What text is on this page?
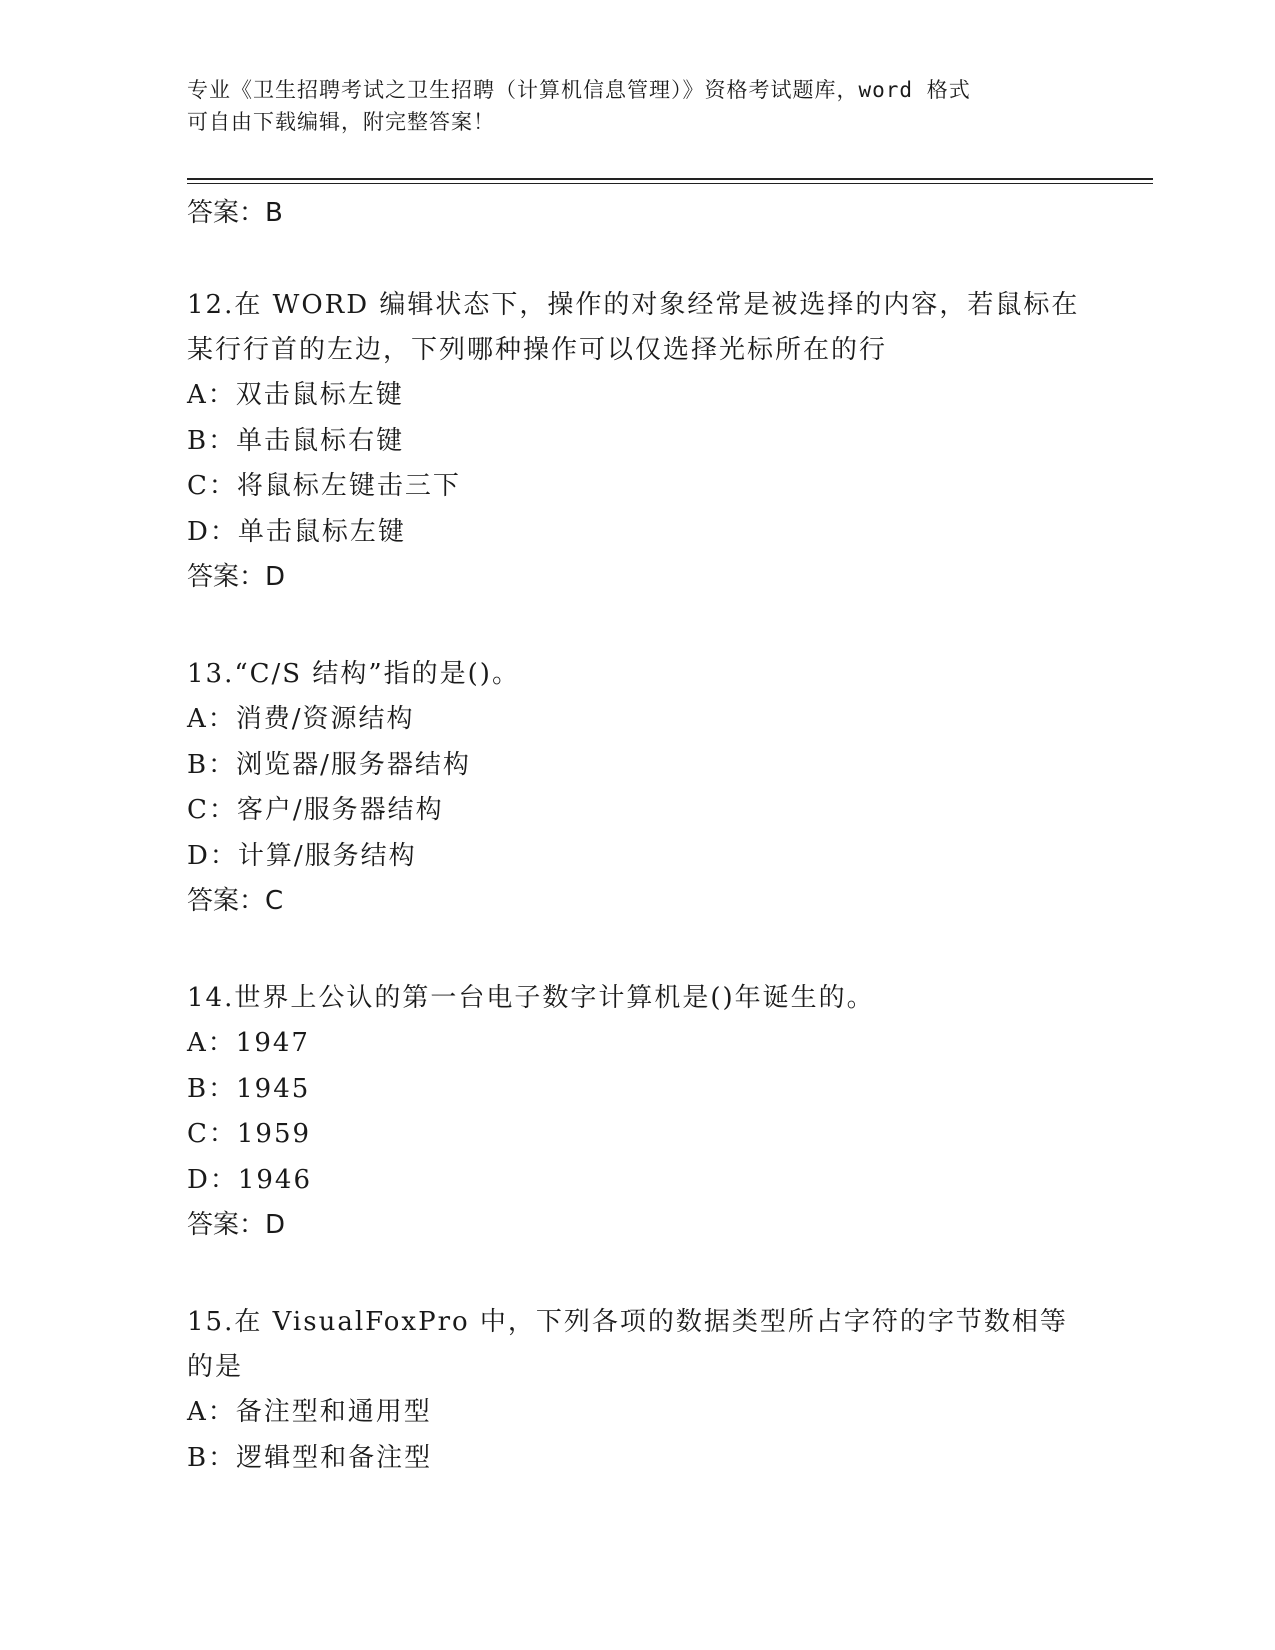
专业《卫生招聘考试之卫生招聘（计算机信息管理）》资格考试题库，word 格式
可自由下载编辑，附完整答案！
答案：B

12.在 WORD 编辑状态下，操作的对象经常是被选择的内容，若鼠标在某行行首的左边，下列哪种操作可以仅选择光标所在的行

A：双击鼠标左键

B：单击鼠标右键

C：将鼠标左键击三下

D：单击鼠标左键

答案：D

13.“C/S 结构”指的是()。

A：消费/资源结构

B：浏览器/服务器结构

C：客户/服务器结构

D：计算/服务结构

答案：C

14.世界上公认的第一台电子数字计算机是()年诞生的。

A：1947

B：1945

C：1959

D：1946

答案：D

15.在 VisualFoxPro 中，下列各项的数据类型所占字符的字节数相等的是

A：备注型和通用型

B：逻辑型和备注型
